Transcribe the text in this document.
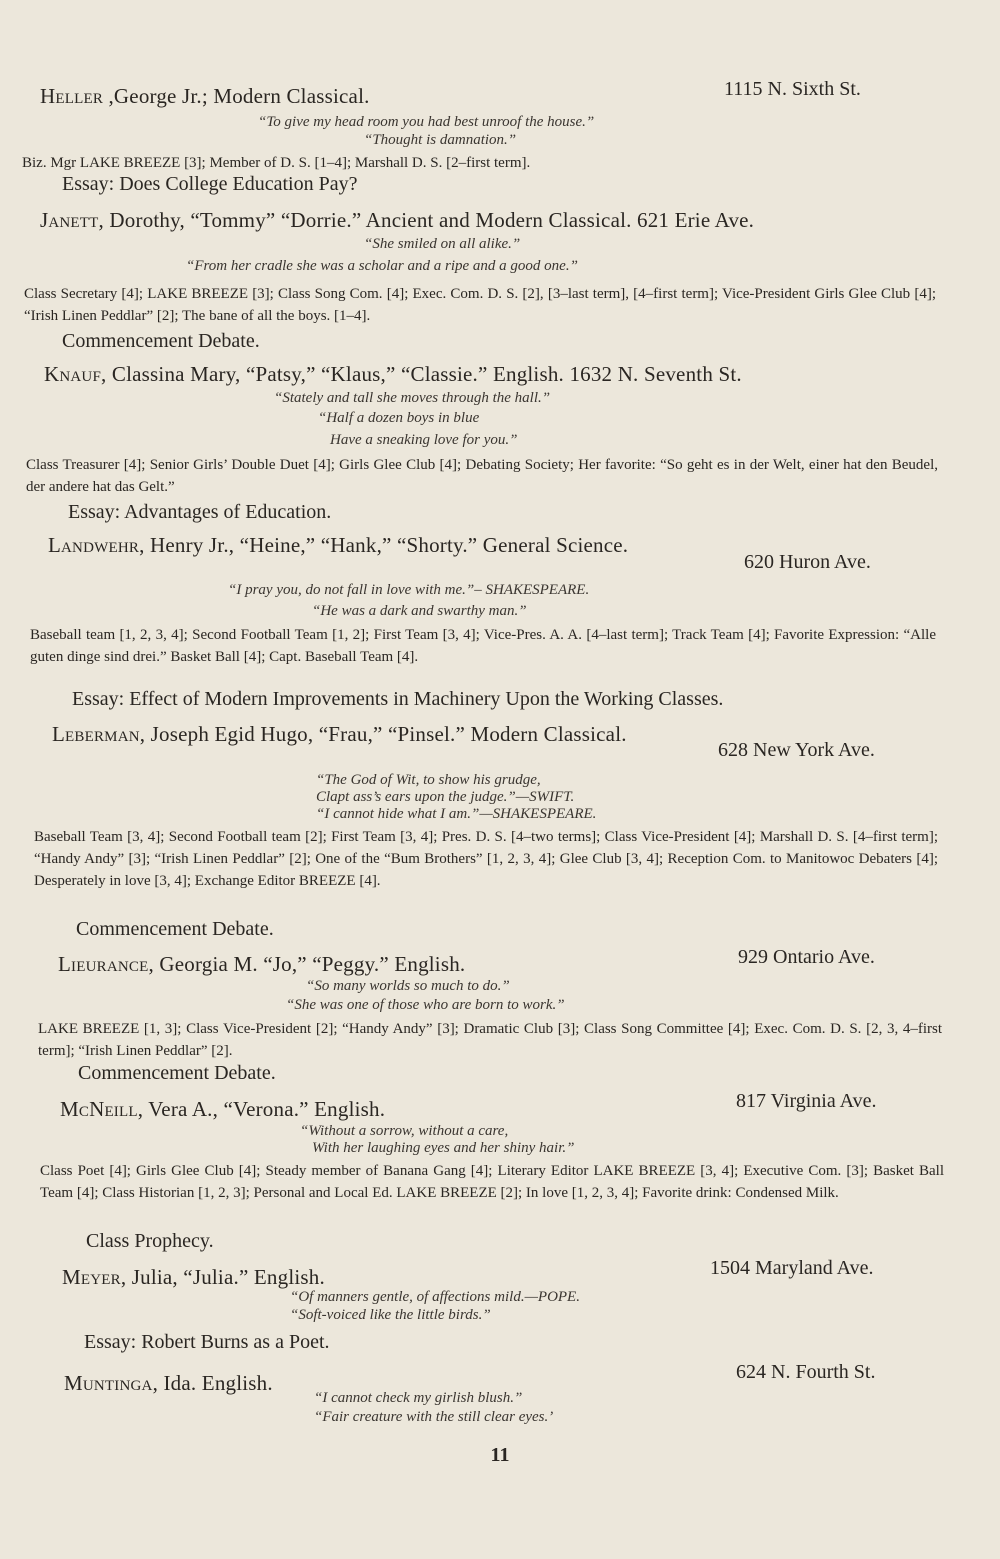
Heller ,George Jr.; Modern Classical.	1115 N. Sixth St.
“To give my head room you had best unroof the house.”
“Thought is damnation.”
Biz. Mgr LAKE BREEZE [3]; Member of D. S. [1–4]; Marshall D. S. [2–first term].
Essay: Does College Education Pay?
Janett, Dorothy, “Tommy” “Dorrie.” Ancient and Modern Classical. 621 Erie Ave.
“She smiled on all alike.”
“From her cradle she was a scholar and a ripe and a good one.”
Class Secretary [4]; LAKE BREEZE [3]; Class Song Com. [4]; Exec. Com. D. S. [2], [3–last term], [4–first term]; Vice-President Girls Glee Club [4]; “Irish Linen Peddlar” [2]; The bane of all the boys. [1–4].
Commencement Debate.
Knauf, Classina Mary, “Patsy,” “Klaus,” “Classie.” English. 1632 N. Seventh St.
“Stately and tall she moves through the hall.”
“Half a dozen boys in blue
Have a sneaking love for you.”
Class Treasurer [4]; Senior Girls’ Double Duet [4]; Girls Glee Club [4]; Debating Society; Her favorite: “So geht es in der Welt, einer hat den Beudel, der andere hat das Gelt.”
Essay: Advantages of Education.
Landwehr, Henry Jr., “Heine,” “Hank,” “Shorty.” General Science.
620 Huron Ave.
“I pray you, do not fall in love with me.”– SHAKESPEARE.
“He was a dark and swarthy man.”
Baseball team [1, 2, 3, 4]; Second Football Team [1, 2]; First Team [3, 4]; Vice-Pres. A. A. [4–last term]; Track Team [4]; Favorite Expression: “Alle guten dinge sind drei.” Basket Ball [4]; Capt. Baseball Team [4].
Essay: Effect of Modern Improvements in Machinery Upon the Working Classes.
Leberman, Joseph Egid Hugo, “Frau,” “Pinsel.” Modern Classical.
628 New York Ave.
“The God of Wit, to show his grudge,
Clapt ass’s ears upon the judge.”—SWIFT.
“I cannot hide what I am.”—SHAKESPEARE.
Baseball Team [3, 4]; Second Football team [2]; First Team [3, 4]; Pres. D. S. [4–two terms]; Class Vice-President [4]; Marshall D. S. [4–first term]; “Handy Andy” [3]; “Irish Linen Peddlar” [2]; One of the “Bum Brothers” [1, 2, 3, 4]; Glee Club [3, 4]; Reception Com. to Manitowoc Debaters [4]; Desperately in love [3, 4]; Exchange Editor BREEZE [4].
Commencement Debate.
Lieurance, Georgia M. “Jo,” “Peggy.” English.	929 Ontario Ave.
“So many worlds so much to do.”
“She was one of those who are born to work.”
LAKE BREEZE [1, 3]; Class Vice-President [2]; “Handy Andy” [3]; Dramatic Club [3]; Class Song Committee [4]; Exec. Com. D. S. [2, 3, 4–first term]; “Irish Linen Peddlar” [2].
Commencement Debate.
McNeill, Vera A., “Verona.” English.	817 Virginia Ave.
“Without a sorrow, without a care,
With her laughing eyes and her shiny hair.”
Class Poet [4]; Girls Glee Club [4]; Steady member of Banana Gang [4]; Literary Editor LAKE BREEZE [3, 4]; Executive Com. [3]; Basket Ball Team [4]; Class Historian [1, 2, 3]; Personal and Local Ed. LAKE BREEZE [2]; In love [1, 2, 3, 4]; Favorite drink: Condensed Milk.
Class Prophecy.
Meyer, Julia, “Julia.” English.	1504 Maryland Ave.
“Of manners gentle, of affections mild.—POPE.
“Soft-voiced like the little birds.”
Essay: Robert Burns as a Poet.
Muntinga, Ida. English.	624 N. Fourth St.
“I cannot check my girlish blush.”
“Fair creature with the still clear eyes.’
11
